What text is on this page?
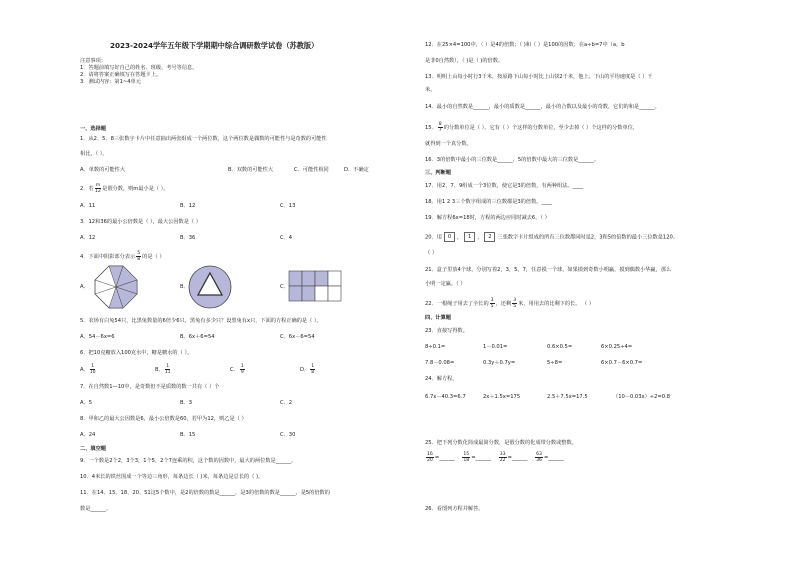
2023-2024学年五年级下学期期中综合调研数学试卷（苏教版）
注意事项：
1．答题前填写好自己的姓名、班级、考号等信息。
2．请将答案正确填写在答题卡上。
3．测试内容：第1~4单元
一、选择题
1．从2、5、8三张数字卡片中任意抽出两张组成一个两位数，这个两位数是偶数的可能性与是奇数的可能性
相比，（ ）。
A．单数的可能性大	B．双数的可能性大	C．可能性相同	D．不确定
2．若 $\frac{m}{12}$ 是假分数，则m最小是（ ）。
A．11	B．12	C．13
3．12和36的最小公倍数是（ ），最大公因数是（ ）
A．12	B．36	C．4
4．下面中阴影部分表示 $\frac{5}{8}$ 的是（ ）
A．	B．	C．
5．农场有白兔54只，比黑兔数量的6倍少6只，黑兔有多少只？设黑兔有x只，下面的方程正确的是（ ）。
A．54－6x=6	B．6x＋6=54	C．6x－6=54
6．把10克糖放入100克水中，糖是糖水的（ ）。
A． $\frac{1}{10}$	B． $\frac{1}{11}$	C． $\frac{1}{9}$	D． $\frac{1}{8}$
7．在自然数1—10中，是奇数但不是质数的数一共有（ ）个
A．5	B．3	C．2
8．甲和乙的最大公因数是6，最小公倍数是60，若甲为12，则乙是（ ）
A．24	B．15	C．30
二、填空题
9．一个数是2个2，3个3，1个5，2个7连乘的积，这个数的因数中，最大的两位数是______。
10．4米长的铁丝围成一个等边三角形，每条边长（ )米，每条边是总长的（ )。
11．在14、15、18、20、51这5个数中，是2的倍数的数是______，是3的倍数的数是______，是5的倍数的
数是______。
12．在25×4=100中，（ ）是4的倍数；（ )和（ ）是100的因数；在a÷b=7中（a，b
是非0自然数），（ )是（ )的倍数。
13．明明上山每小时行3千米，按原路下山每小时比上山快2千米，他上、下山的平均速度是（ ）千
米。
14．最小的自然数是______，最小的质数是______，最小的合数以及最小的奇数，它们的和是______。
15． $\frac{8}{7}$ 的分数单位是（ ），它有（ ）个这样的分数单位，至少去掉（ ）个这样的分数单位，
就得到一个真分数。
16．3的倍数中最小的三位数是______，5的倍数中最大的三位数是______。
三、判断题
17．用2、7、9组成一个3位数，使它是3的倍数，有两种组法。____
18．用1 2 3三个数字组成的三位数都是3的倍数。____
19．解方程6x=18时，方程的两边应同时减去6。（ ）
20．用 0 ， 1 ， 2 三张数字卡片组成的所有三位数都同时是2，3和5的倍数的最小三位数是120。
（ ）
21．盒子里放4个球，分别写着2，3，5，7，任意摸一个球，如果摸到奇数小明赢，摸到偶数小华赢，那么
小明一定赢。（ ）
22．一根绳子用去了全长的 $\frac{3}{5}$ ，还剩 $\frac{3}{5}$ 米，用用去的比剩下的长。 （ ）
四、计算题
23．直接写得数。
8÷0.1=	1－0.01=	0.6×0.5=	6×0.25÷4=
7.8－0.08=	0.3y＋0.7y=	5÷8=	6×0.7－6×0.7=
24．解方程。
6.7x－40.3=6.7	2x＋1.5x=175	2.5＋7.5x=17.5	（10－0.03x）÷2=0.8
25．把下列分数化简成最简分数，是假分数的化成带分数或整数。
$\frac{16}{20}$ =______ $\frac{15}{18}$ =______ $\frac{33}{22}$ =______ $\frac{63}{36}$ =______
26．看图列方程并解答。
